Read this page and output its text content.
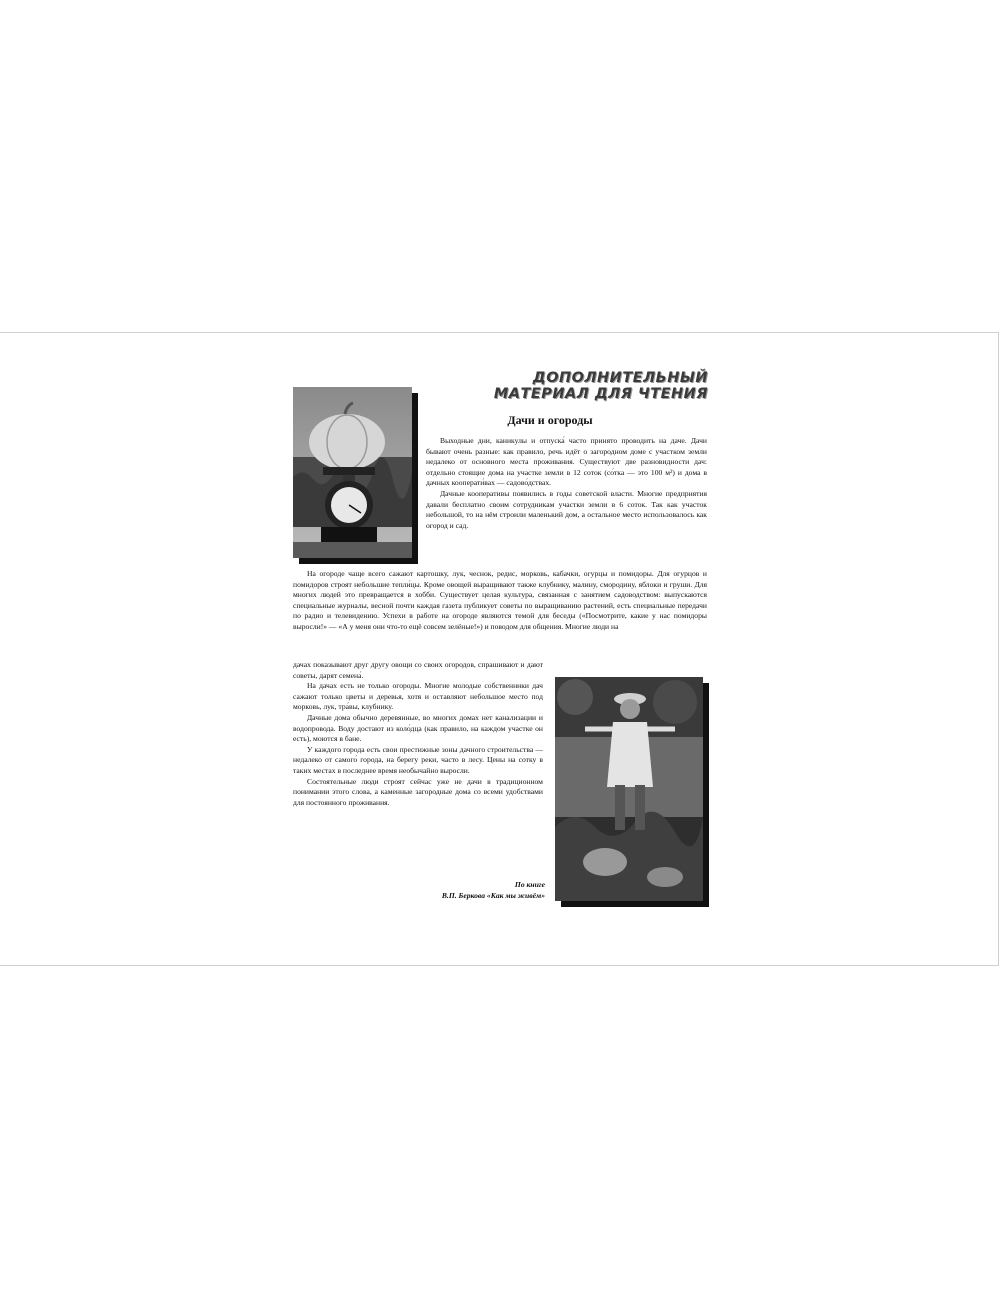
ДОПОЛНИТЕЛЬНЫЙ
МАТЕРИАЛ ДЛЯ ЧТЕНИЯ
Дачи и огороды

Выходные дни, каникулы и отпуска́ часто принято проводить на даче. Дачи бывают очень разные: как правило, речь идёт о загородном доме с участком земли недалеко от основного места проживания. Существуют две разновидности дач: отдельно стоящие дома на участке земли в 12 соток (со́тка — это 100 м²) и дома в дачных кооперати́вах — садово́дствах.

Дачные кооперативы появились в годы советской власти. Многие предприятия давали бесплатно своим сотрудникам участки земли в 6 соток. Так как участок небольшой, то на нём строили маленький дом, а остальное место использовалось как огород и сад.

На огороде чаще всего сажают картошку, лук, чеснок, редис, морковь, кабачки, огурцы и помидоры. Для огурцов и помидоров строят небольшие тепли́цы. Кроме овощей выращивают также клубнику, малину, смородину, яблоки и груши. Для многих людей это превращается в хобби. Существует целая культура, связанная с занятием садоводством: выпускаются специальные журналы, весной почти каждая газета публикует советы по выращиванию растений, есть специальные передачи по радио и телевидению. Успехи в работе на огороде являются темой для беседы («Посмотрите, какие у нас помидоры выросли!» — «А у меня они что-то ещё совсем зелёные!») и поводом для общения. Многие люди на

дачах показывают друг другу овощи со своих огородов, спрашивают и дают советы, дарят семена́.

На дачах есть не только огороды. Многие молодые собственники дач сажают только цветы и деревья, хотя и оставляют небольшое место под морковь, лук, тра́вы, клубнику.

Дачные дома обычно деревянные, во многих домах нет канализации и водопровода. Воду достают из коло́дца (как правило, на каждом участке он есть), моются в бане.

У каждого города есть свои престижные зоны дачного строительства — недалеко от самого́ города, на берегу реки, часто в лесу. Цены на сотку в таких местах в последнее время необычайно выросли.

Состоятельные люди строят сейчас уже не дачи в традиционном понимании этого слова, а каменные загородные дома со всеми удобствами для постоянного проживания.

По книге
В.П. Беркова «Как мы живём»
